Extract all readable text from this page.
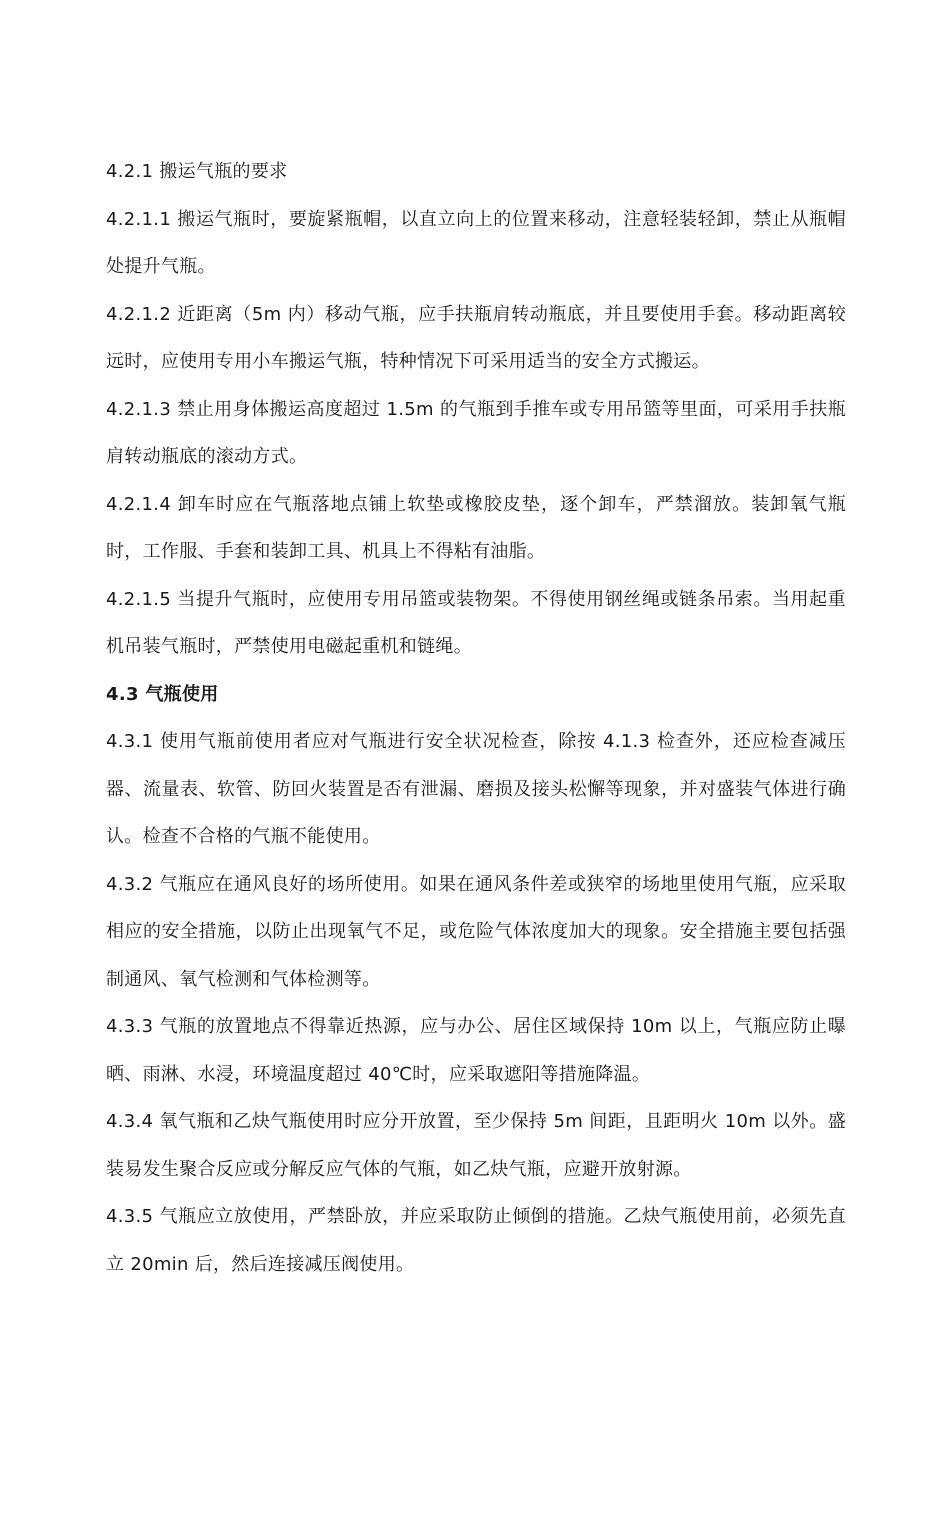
4.2.1 搬运气瓶的要求

4.2.1.1 搬运气瓶时，要旋紧瓶帽，以直立向上的位置来移动，注意轻装轻卸，禁止从瓶帽处提升气瓶。

4.2.1.2 近距离（5m 内）移动气瓶，应手扶瓶肩转动瓶底，并且要使用手套。移动距离较远时，应使用专用小车搬运气瓶，特种情况下可采用适当的安全方式搬运。

4.2.1.3 禁止用身体搬运高度超过 1.5m 的气瓶到手推车或专用吊篮等里面，可采用手扶瓶肩转动瓶底的滚动方式。

4.2.1.4 卸车时应在气瓶落地点铺上软垫或橡胶皮垫，逐个卸车，严禁溜放。装卸氧气瓶时，工作服、手套和装卸工具、机具上不得粘有油脂。

4.2.1.5 当提升气瓶时，应使用专用吊篮或装物架。不得使用钢丝绳或链条吊索。当用起重机吊装气瓶时，严禁使用电磁起重机和链绳。

4.3 气瓶使用

4.3.1 使用气瓶前使用者应对气瓶进行安全状况检查，除按 4.1.3 检查外，还应检查减压器、流量表、软管、防回火装置是否有泄漏、磨损及接头松懈等现象，并对盛装气体进行确认。检查不合格的气瓶不能使用。

4.3.2 气瓶应在通风良好的场所使用。如果在通风条件差或狭窄的场地里使用气瓶，应采取相应的安全措施，以防止出现氧气不足，或危险气体浓度加大的现象。安全措施主要包括强制通风、氧气检测和气体检测等。

4.3.3 气瓶的放置地点不得靠近热源，应与办公、居住区域保持 10m 以上，气瓶应防止曝晒、雨淋、水浸，环境温度超过 40℃时，应采取遮阳等措施降温。

4.3.4 氧气瓶和乙炔气瓶使用时应分开放置，至少保持 5m 间距，且距明火 10m 以外。盛装易发生聚合反应或分解反应气体的气瓶，如乙炔气瓶，应避开放射源。

4.3.5 气瓶应立放使用，严禁卧放，并应采取防止倾倒的措施。乙炔气瓶使用前，必须先直立 20min 后，然后连接减压阀使用。
